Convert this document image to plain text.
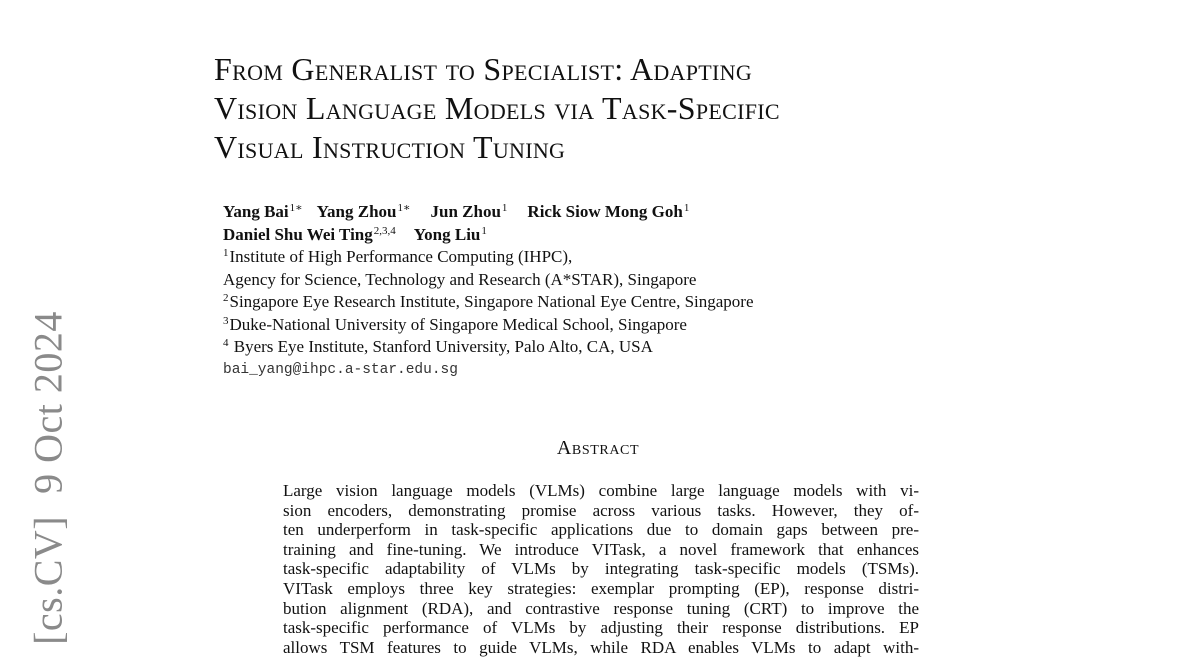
[cs.CV]9 Oct 2024
From Generalist to Specialist: Adapting
Vision Language Models via Task-Specific
Visual Instruction Tuning
Yang Bai$^{1∗}$ Yang Zhou$^{1∗}$ Jun Zhou$^1$ Rick Siow Mong Goh$^1$
Daniel Shu Wei Ting$^{2,3,4}$ Yong Liu$^1$
$^1$Institute of High Performance Computing (IHPC),
Agency for Science, Technology and Research (A*STAR), Singapore
$^2$Singapore Eye Research Institute, Singapore National Eye Centre, Singapore
$^3$Duke-National University of Singapore Medical School, Singapore
$^4$ Byers Eye Institute, Stanford University, Palo Alto, CA, USA
bai_yang@ihpc.a-star.edu.sg
Abstract
Large vision language models (VLMs) combine large language models with vi-
sion encoders, demonstrating promise across various tasks. However, they of-
ten underperform in task-specific applications due to domain gaps between pre-
training and fine-tuning. We introduce VITask, a novel framework that enhances
task-specific adaptability of VLMs by integrating task-specific models (TSMs).
VITask employs three key strategies: exemplar prompting (EP), response distri-
bution alignment (RDA), and contrastive response tuning (CRT) to improve the
task-specific performance of VLMs by adjusting their response distributions. EP
allows TSM features to guide VLMs, while RDA enables VLMs to adapt with-
